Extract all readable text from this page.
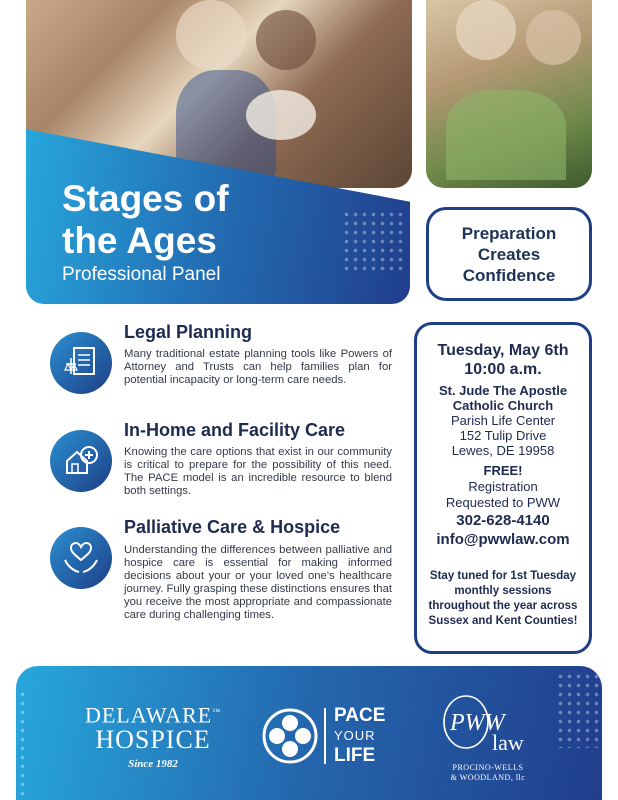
Stages of
the Ages
Professional Panel
Preparation
Creates
Confidence
Legal Planning
Many traditional estate planning tools like Powers of Attorney and Trusts can help families plan for potential incapacity or long-term care needs.
In-Home and Facility Care
Knowing the care options that exist in our community is critical to prepare for the possibility of this need. The PACE model is an incredible resource to blend both settings.
Palliative Care & Hospice
Understanding the differences between palliative and hospice care is essential for making informed decisions about your or your loved one's healthcare journey. Fully grasping these distinctions ensures that you receive the most appropriate and compassionate care during challenging times.
Tuesday, May 6th
10:00 a.m.
St. Jude The Apostle
Catholic Church
Parish Life Center
152 Tulip Drive
Lewes, DE 19958
FREE!
Registration
Requested to PWW
302-628-4140
info@pwwlaw.com
Stay tuned for 1st Tuesday monthly sessions throughout the year across Sussex and Kent Counties!
DELAWARE™
HOSPICE
Since 1982
PACE
YOUR
LIFE
PWW
law
PROCINO-WELLS
& WOODLAND, llc
